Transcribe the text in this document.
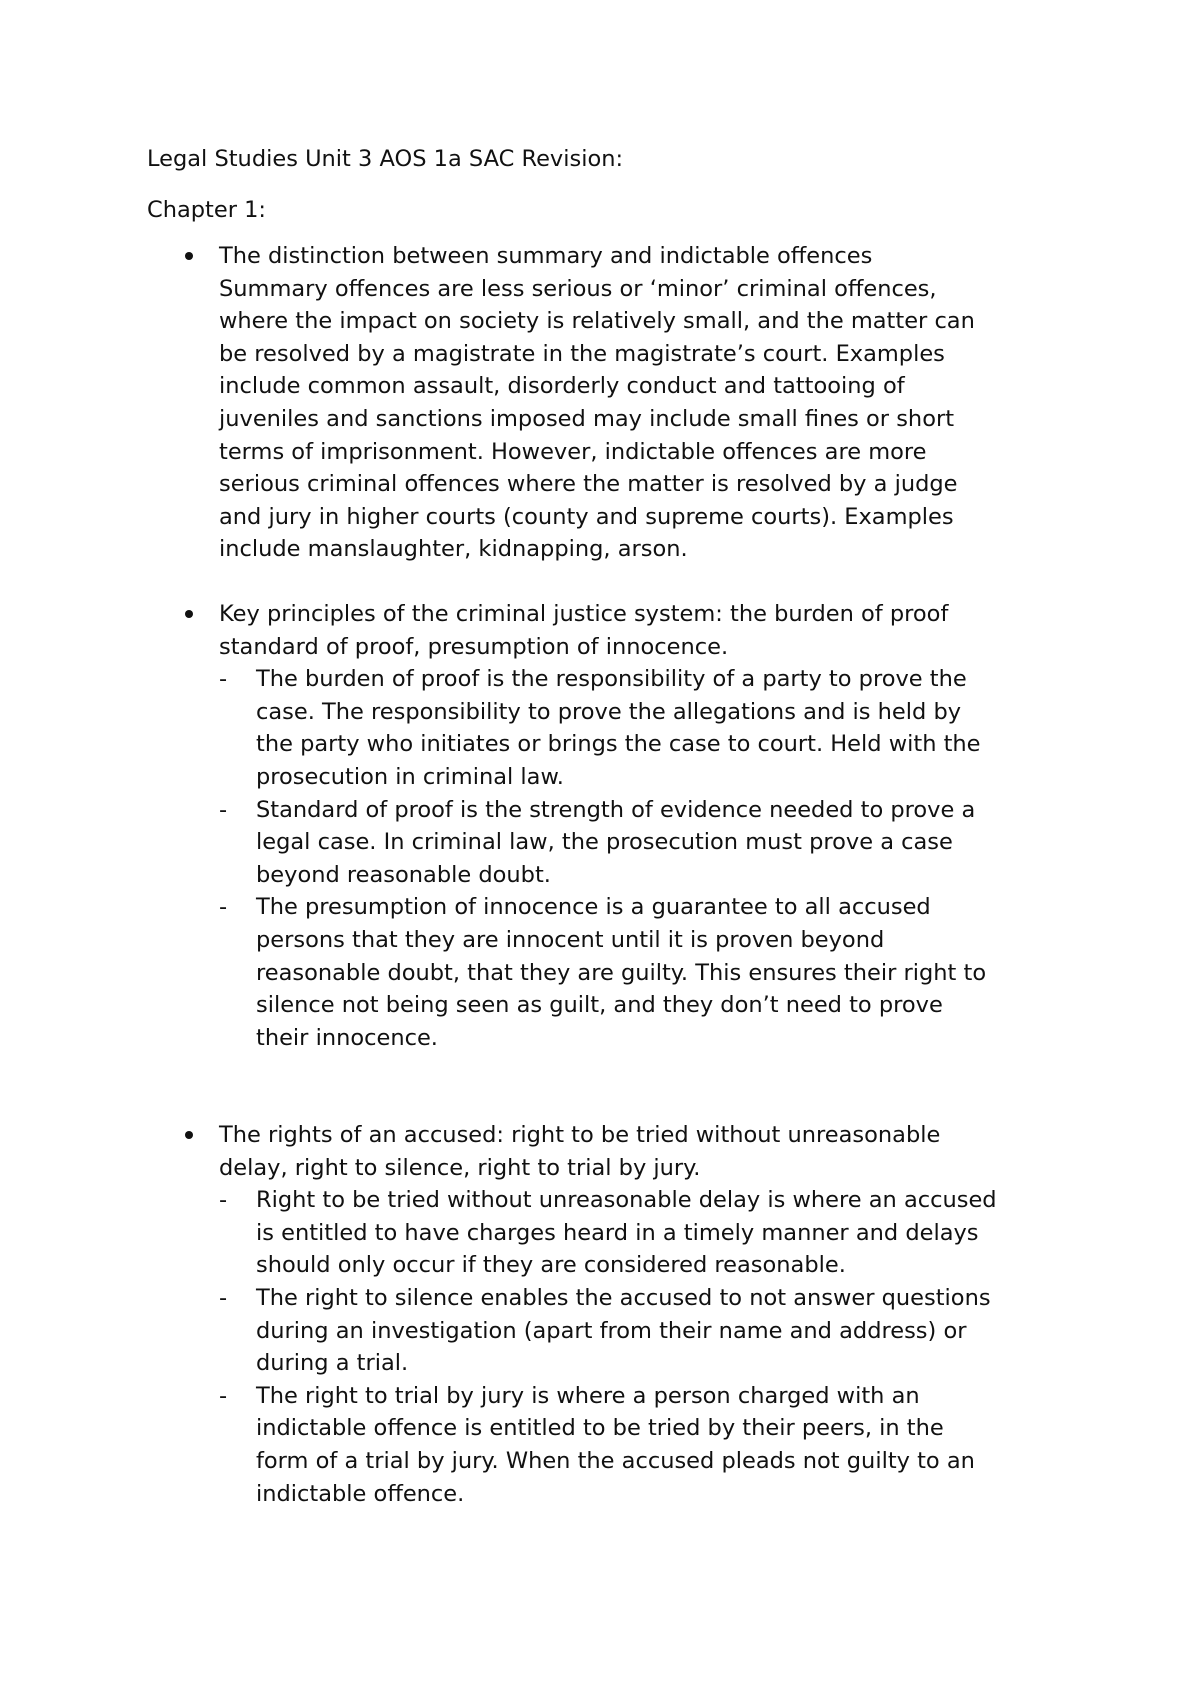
Legal Studies Unit 3 AOS 1a SAC Revision:
Chapter 1:
The distinction between summary and indictable offences
Summary offences are less serious or ‘minor’ criminal offences,
where the impact on society is relatively small, and the matter can
be resolved by a magistrate in the magistrate’s court. Examples
include common assault, disorderly conduct and tattooing of
juveniles and sanctions imposed may include small fines or short
terms of imprisonment. However, indictable offences are more
serious criminal offences where the matter is resolved by a judge
and jury in higher courts (county and supreme courts). Examples
include manslaughter, kidnapping, arson.
Key principles of the criminal justice system: the burden of proof
standard of proof, presumption of innocence.
- The burden of proof is the responsibility of a party to prove the
case. The responsibility to prove the allegations and is held by
the party who initiates or brings the case to court. Held with the
prosecution in criminal law.
- Standard of proof is the strength of evidence needed to prove a
legal case. In criminal law, the prosecution must prove a case
beyond reasonable doubt.
- The presumption of innocence is a guarantee to all accused
persons that they are innocent until it is proven beyond
reasonable doubt, that they are guilty. This ensures their right to
silence not being seen as guilt, and they don’t need to prove
their innocence.
The rights of an accused: right to be tried without unreasonable
delay, right to silence, right to trial by jury.
- Right to be tried without unreasonable delay is where an accused
is entitled to have charges heard in a timely manner and delays
should only occur if they are considered reasonable.
- The right to silence enables the accused to not answer questions
during an investigation (apart from their name and address) or
during a trial.
- The right to trial by jury is where a person charged with an
indictable offence is entitled to be tried by their peers, in the
form of a trial by jury. When the accused pleads not guilty to an
indictable offence.
